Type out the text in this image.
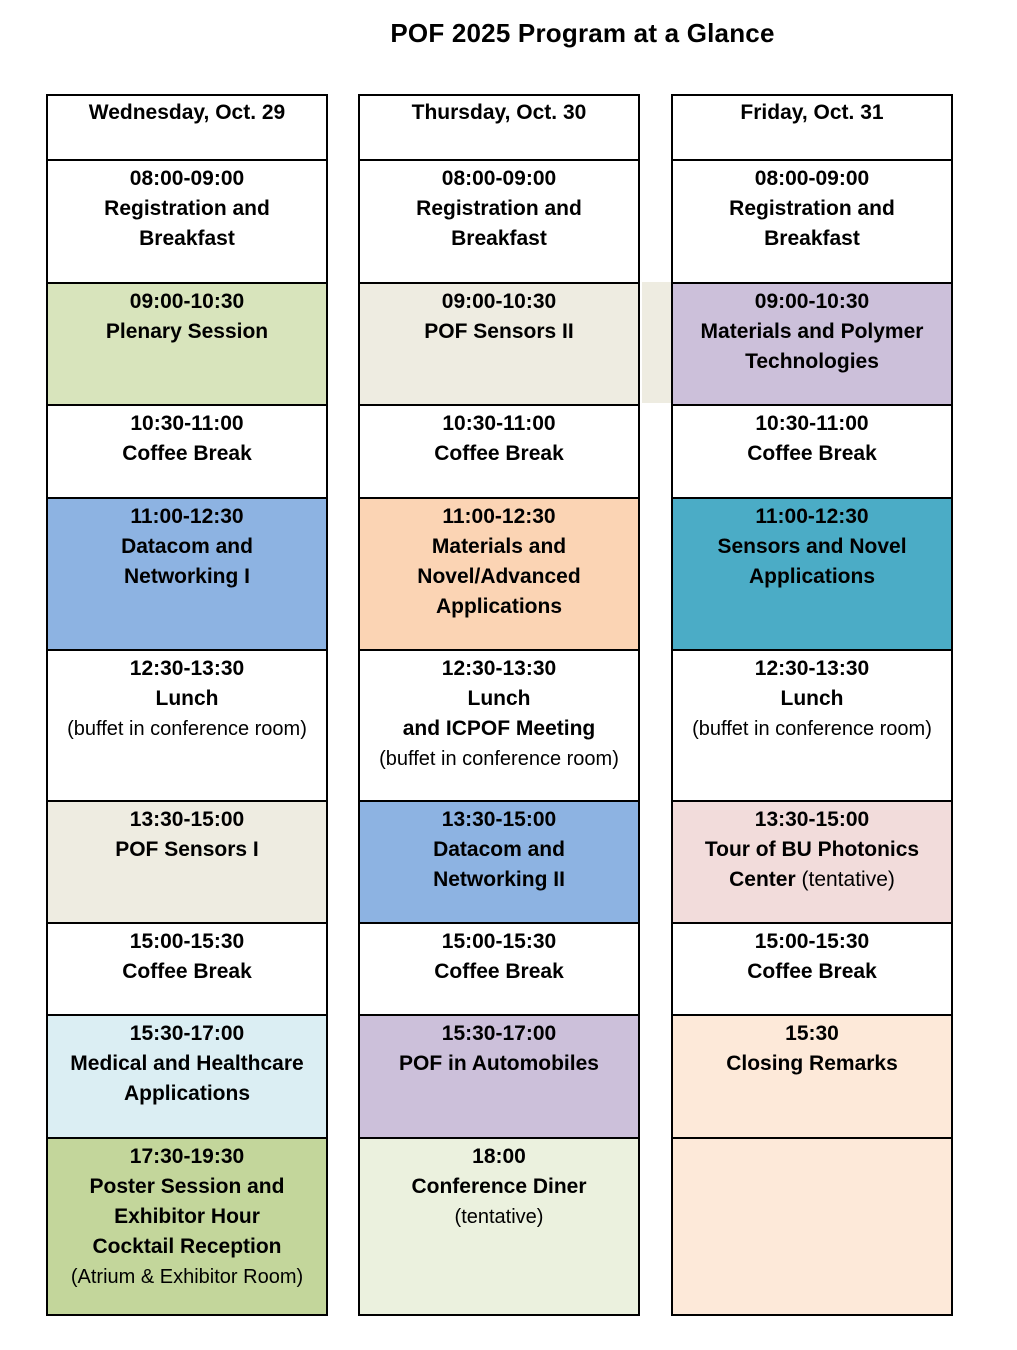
POF 2025 Program at a Glance
Wednesday, Oct. 29
08:00-09:00
Registration and
Breakfast
09:00-10:30
Plenary Session
10:30-11:00
Coffee Break
11:00-12:30
Datacom and
Networking I
12:30-13:30
Lunch
(buffet in conference room)
13:30-15:00
POF Sensors I
15:00-15:30
Coffee Break
15:30-17:00
Medical and Healthcare
Applications
17:30-19:30
Poster Session and
Exhibitor Hour
Cocktail Reception
(Atrium & Exhibitor Room)
Thursday, Oct. 30
08:00-09:00
Registration and
Breakfast
09:00-10:30
POF Sensors II
10:30-11:00
Coffee Break
11:00-12:30
Materials and
Novel/Advanced
Applications
12:30-13:30
Lunch
and ICPOF Meeting
(buffet in conference room)
13:30-15:00
Datacom and
Networking II
15:00-15:30
Coffee Break
15:30-17:00
POF in Automobiles
18:00
Conference Diner
(tentative)
Friday, Oct. 31
08:00-09:00
Registration and
Breakfast
09:00-10:30
Materials and Polymer
Technologies
10:30-11:00
Coffee Break
11:00-12:30
Sensors and Novel
Applications
12:30-13:30
Lunch
(buffet in conference room)
13:30-15:00
Tour of BU Photonics
Center (tentative)
15:00-15:30
Coffee Break
15:30
Closing Remarks
